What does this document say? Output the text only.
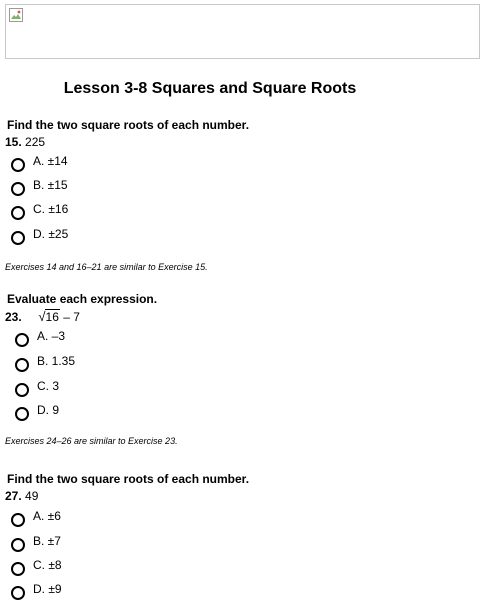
Lesson 3-8 Squares and Square Roots
Find the two square roots of each number.
15. 225
A. ±14
B. ±15
C. ±16
D. ±25
Exercises 14 and 16–21 are similar to Exercise 15.
Evaluate each expression.
23. √16 – 7
A. –3
B. 1.35
C. 3
D. 9
Exercises 24–26 are similar to Exercise 23.
Find the two square roots of each number.
27. 49
A. ±6
B. ±7
C. ±8
D. ±9
